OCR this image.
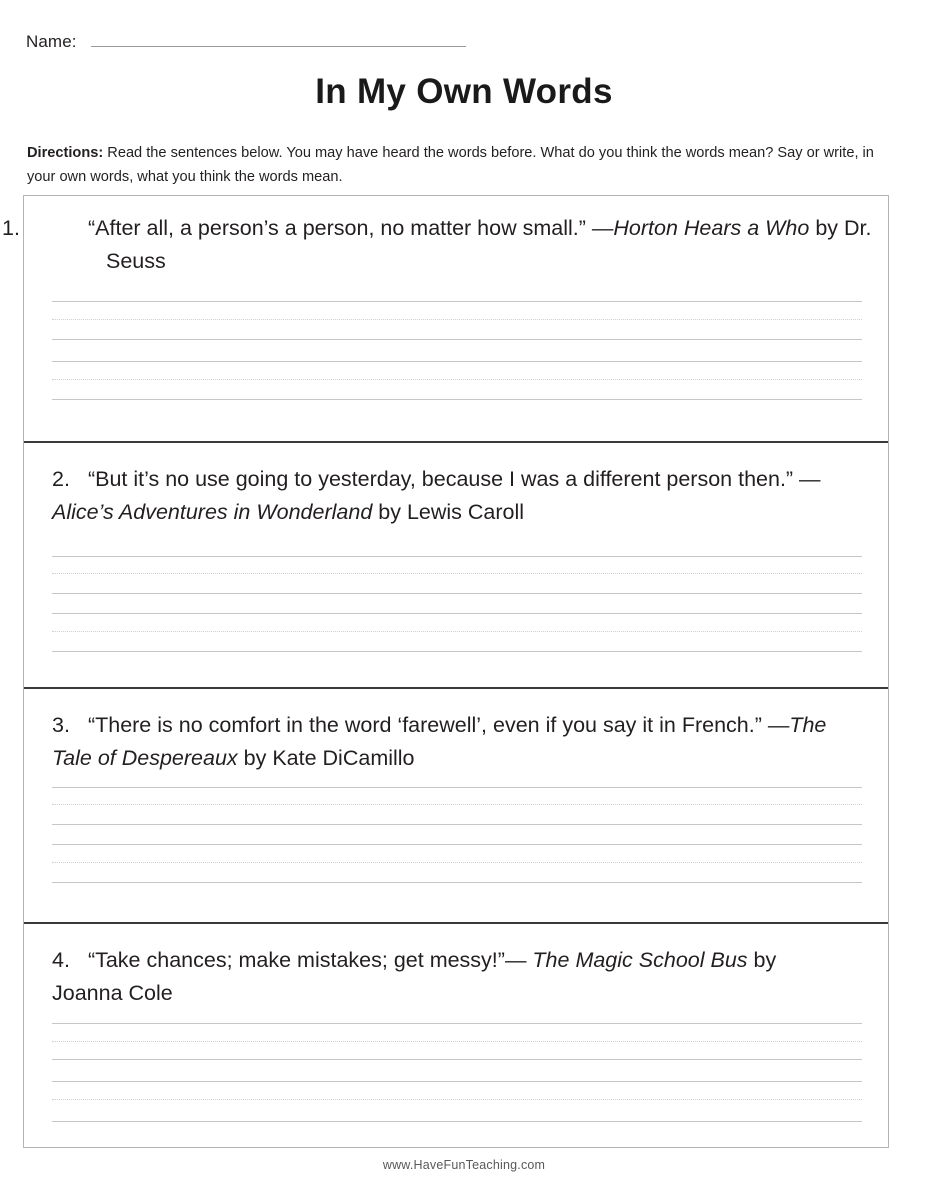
Name:
In My Own Words
Directions: Read the sentences below. You may have heard the words before. What do you think the words mean? Say or write, in your own words, what you think the words mean.
1.	“After all, a person’s a person, no matter how small.” —Horton Hears a Who by Dr. Seuss
2. “But it’s no use going to yesterday, because I was a different person then.” —Alice’s Adventures in Wonderland by Lewis Caroll
3. “There is no comfort in the word ‘farewell’, even if you say it in French.” —The Tale of Despereaux by Kate DiCamillo
4. “Take chances; make mistakes; get messy!”— The Magic School Bus by Joanna Cole
www.HaveFunTeaching.com
